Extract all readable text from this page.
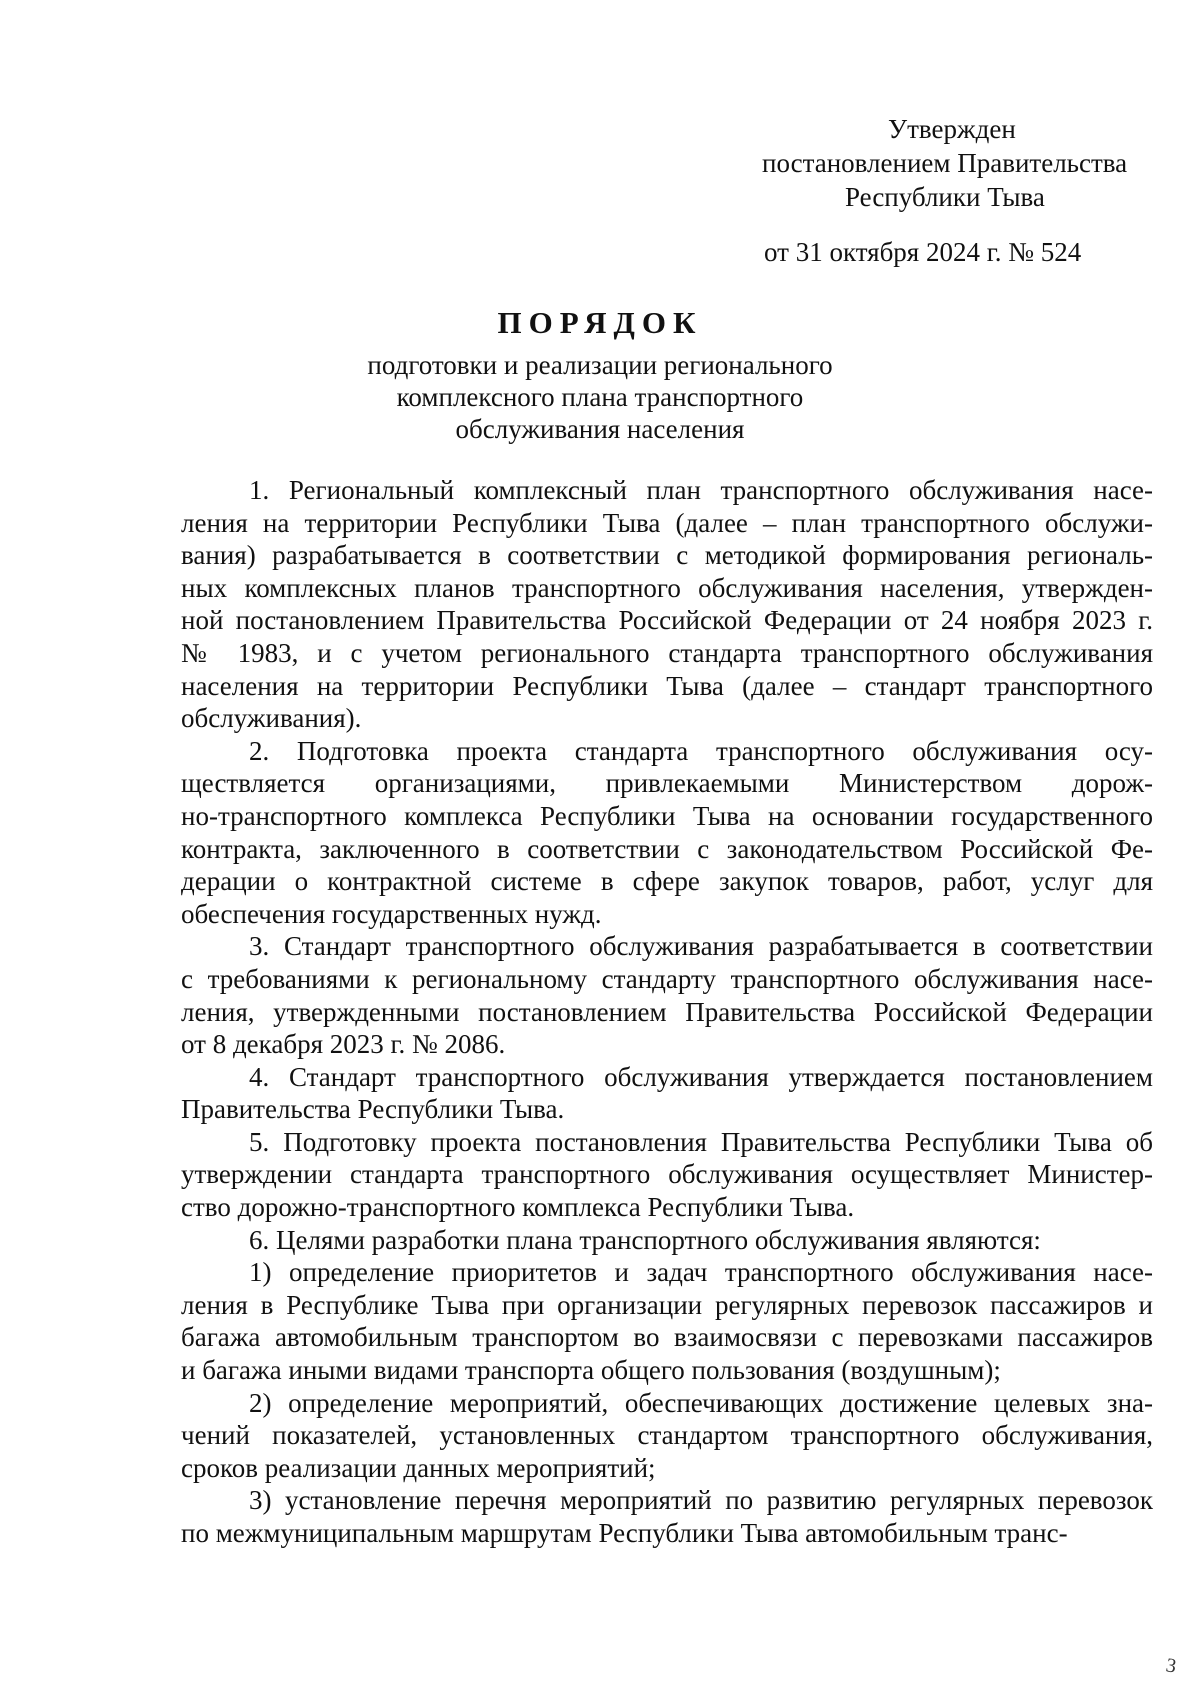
Утвержден
постановлением Правительства
Республики Тыва
от 31 октября 2024 г. № 524
ПОРЯДОК
подготовки и реализации регионального
комплексного плана транспортного
обслуживания населения

1. Региональный комплексный план транспортного обслуживания насе-
ления на территории Республики Тыва (далее – план транспортного обслужи-
вания) разрабатывается в соответствии с методикой формирования региональ-
ных комплексных планов транспортного обслуживания населения, утвержден-
ной постановлением Правительства Российской Федерации от 24 ноября 2023 г.
№ 1983, и с учетом регионального стандарта транспортного обслуживания
населения на территории Республики Тыва (далее – стандарт транспортного
обслуживания).

2. Подготовка проекта стандарта транспортного обслуживания осу-
ществляется организациями, привлекаемыми Министерством дорож-
но-транспортного комплекса Республики Тыва на основании государственного
контракта, заключенного в соответствии с законодательством Российской Фе-
дерации о контрактной системе в сфере закупок товаров, работ, услуг для
обеспечения государственных нужд.

3. Стандарт транспортного обслуживания разрабатывается в соответствии
с требованиями к региональному стандарту транспортного обслуживания насе-
ления, утвержденными постановлением Правительства Российской Федерации
от 8 декабря 2023 г. № 2086.

4. Стандарт транспортного обслуживания утверждается постановлением
Правительства Республики Тыва.

5. Подготовку проекта постановления Правительства Республики Тыва об
утверждении стандарта транспортного обслуживания осуществляет Министер-
ство дорожно-транспортного комплекса Республики Тыва.

6. Целями разработки плана транспортного обслуживания являются:

1) определение приоритетов и задач транспортного обслуживания насе-
ления в Республике Тыва при организации регулярных перевозок пассажиров и
багажа автомобильным транспортом во взаимосвязи с перевозками пассажиров
и багажа иными видами транспорта общего пользования (воздушным);

2) определение мероприятий, обеспечивающих достижение целевых зна-
чений показателей, установленных стандартом транспортного обслуживания,
сроков реализации данных мероприятий;

3) установление перечня мероприятий по развитию регулярных перевозок
по межмуниципальным маршрутам Республики Тыва автомобильным транс-

3
